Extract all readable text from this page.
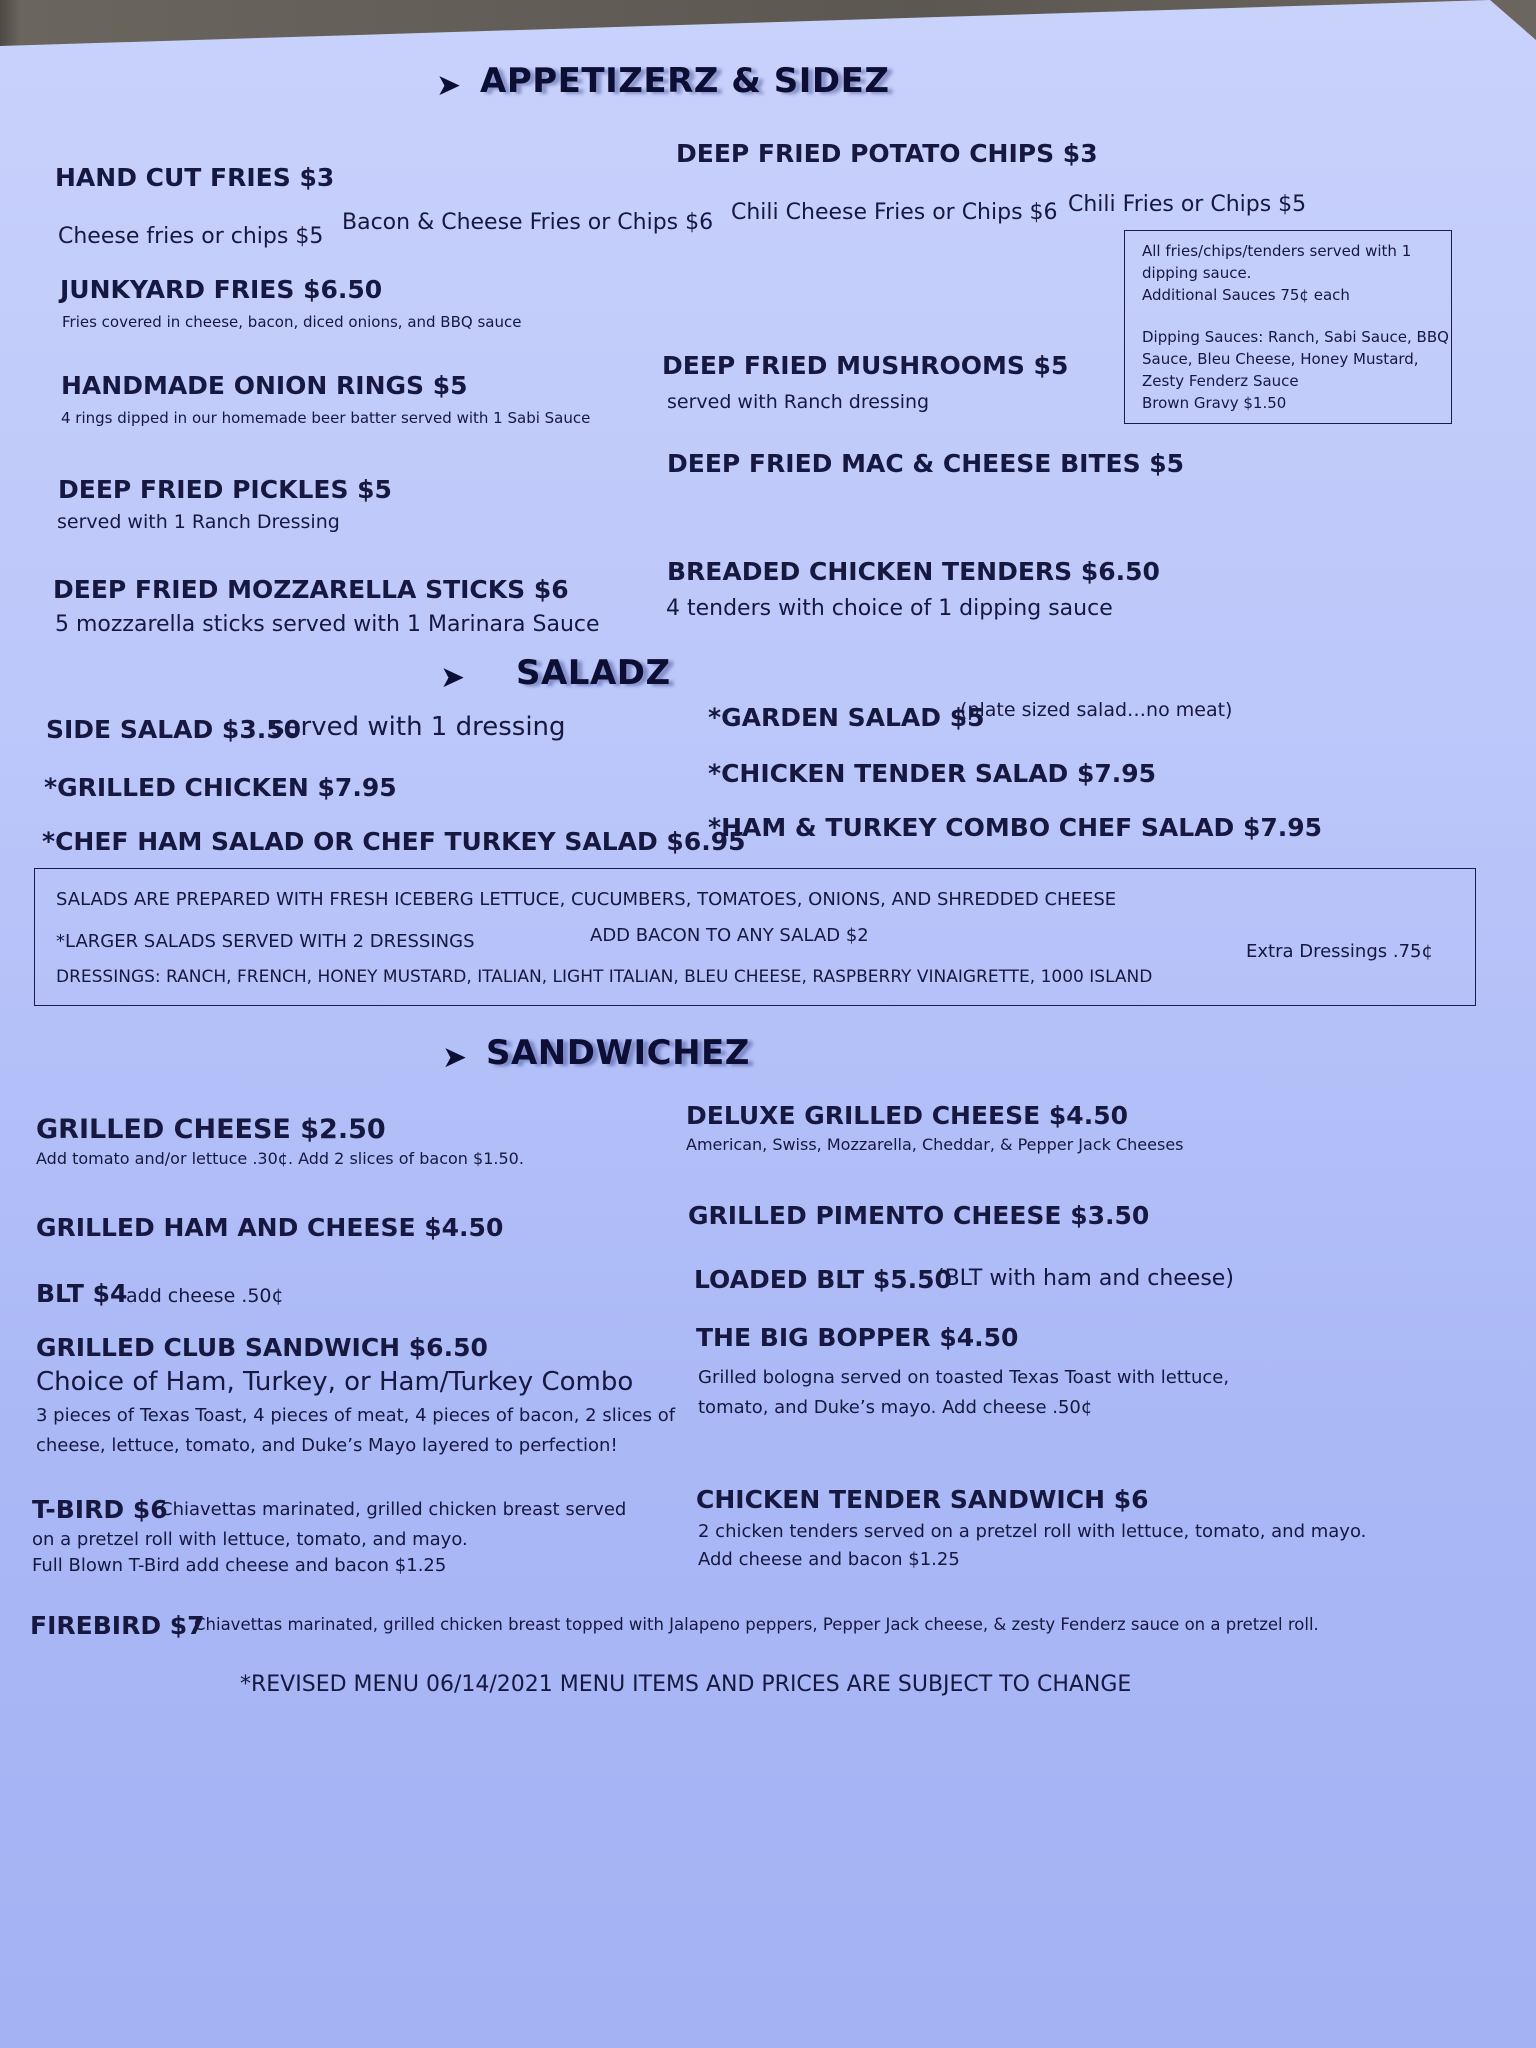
➤ APPETIZERZ & SIDEZ
HAND CUT FRIES $3
DEEP FRIED POTATO CHIPS $3
Cheese fries or chips $5
Bacon & Cheese Fries or Chips $6 Chili Cheese Fries or Chips $6 Chili Fries or Chips $5
JUNKYARD FRIES $6.50
Fries covered in cheese, bacon, diced onions, and BBQ sauce
HANDMADE ONION RINGS $5
4 rings dipped in our homemade beer batter served with 1 Sabi Sauce
DEEP FRIED MUSHROOMS $5
served with Ranch dressing
DEEP FRIED PICKLES $5
served with 1 Ranch Dressing
DEEP FRIED MAC & CHEESE BITES $5
DEEP FRIED MOZZARELLA STICKS $6
5 mozzarella sticks served with 1 Marinara Sauce
BREADED CHICKEN TENDERS $6.50
4 tenders with choice of 1 dipping sauce
All fries/chips/tenders served with 1
dipping sauce.
Additional Sauces 75¢ each
Dipping Sauces: Ranch, Sabi Sauce, BBQ
Sauce, Bleu Cheese, Honey Mustard,
Zesty Fenderz Sauce
Brown Gravy $1.50
➤ SALADZ
SIDE SALAD $3.50
served with 1 dressing	*GARDEN SALAD $5
(plate sized salad…no meat)
*GRILLED CHICKEN $7.95	*CHICKEN TENDER SALAD $7.95
*CHEF HAM SALAD OR CHEF TURKEY SALAD $6.95
*HAM & TURKEY COMBO CHEF SALAD $7.95
SALADS ARE PREPARED WITH FRESH ICEBERG LETTUCE, CUCUMBERS, TOMATOES, ONIONS, AND SHREDDED CHEESE
*LARGER SALADS SERVED WITH 2 DRESSINGS	ADD BACON TO ANY SALAD $2
DRESSINGS: RANCH, FRENCH, HONEY MUSTARD, ITALIAN, LIGHT ITALIAN, BLEU CHEESE, RASPBERRY VINAIGRETTE, 1000 ISLAND
Extra Dressings .75¢
➤ SANDWICHEZ
GRILLED CHEESE $2.50
Add tomato and/or lettuce .30¢. Add 2 slices of bacon $1.50.
DELUXE GRILLED CHEESE $4.50
American, Swiss, Mozzarella, Cheddar, & Pepper Jack Cheeses
GRILLED HAM AND CHEESE $4.50	GRILLED PIMENTO CHEESE $3.50
BLT $4
add cheese .50¢
LOADED BLT $5.50
(BLT with ham and cheese)
GRILLED CLUB SANDWICH $6.50
Choice of Ham, Turkey, or Ham/Turkey Combo
3 pieces of Texas Toast, 4 pieces of meat, 4 pieces of bacon, 2 slices of
cheese, lettuce, tomato, and Duke’s Mayo layered to perfection!
THE BIG BOPPER $4.50
Grilled bologna served on toasted Texas Toast with lettuce,
tomato, and Duke’s mayo. Add cheese .50¢
T-BIRD $6
Chiavettas marinated, grilled chicken breast served
on a pretzel roll with lettuce, tomato, and mayo.
Full Blown T-Bird add cheese and bacon $1.25
CHICKEN TENDER SANDWICH $6
2 chicken tenders served on a pretzel roll with lettuce, tomato, and mayo.
Add cheese and bacon $1.25
FIREBIRD $7
Chiavettas marinated, grilled chicken breast topped with Jalapeno peppers, Pepper Jack cheese, & zesty Fenderz sauce on a pretzel roll.
*REVISED MENU 06/14/2021 MENU ITEMS AND PRICES ARE SUBJECT TO CHANGE
